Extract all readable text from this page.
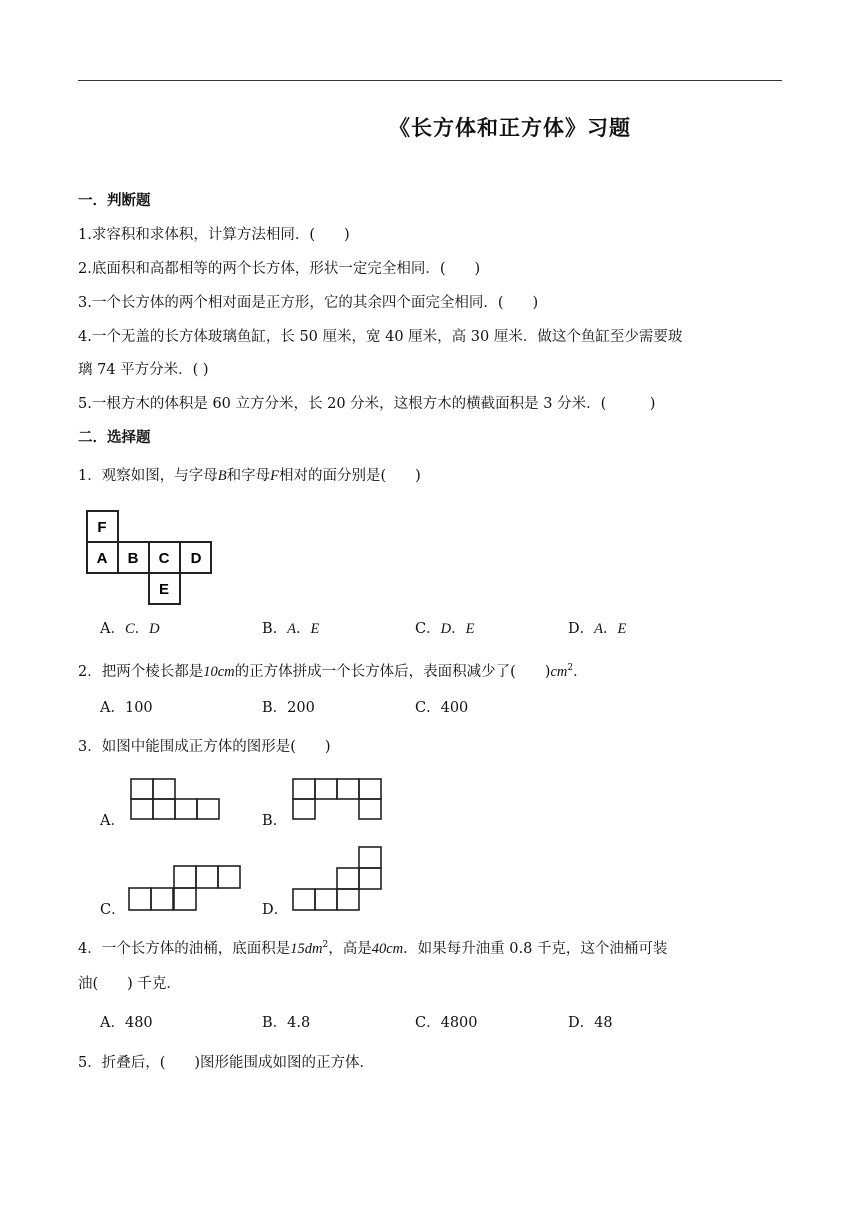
《长方体和正方体》习题
一．判断题
1.求容积和求体积，计算方法相同．(　　)
2.底面积和高都相等的两个长方体，形状一定完全相同．(　　)
3.一个长方体的两个相对面是正方形，它的其余四个面完全相同．(　　)
4.一个无盖的长方体玻璃鱼缸，长 50 厘米，宽 40 厘米，高 30 厘米．做这个鱼缸至少需要玻
璃 74 平方分米．( )
5.一根方木的体积是 60 立方分米，长 20 分米，这根方木的横截面积是 3 分米．(　　　)
二．选择题
1．观察如图，与字母B和字母F相对的面分别是(　　)
F
A B C D
E
A．C．D	B．A．E	C．D．E	D．A．E
2．把两个棱长都是10cm的正方体拼成一个长方体后，表面积减少了(　　)$cm^2$．
A．100	B．200	C．400
3．如图中能围成正方体的图形是(　　)
A．	B．
C．	D．
4．一个长方体的油桶，底面积是$15dm^2$，高是40cm．如果每升油重 0.8 千克，这个油桶可装
油(　　) 千克．
A．480	B．4.8	C．4800	D．48
5．折叠后，(　　)图形能围成如图的正方体．
